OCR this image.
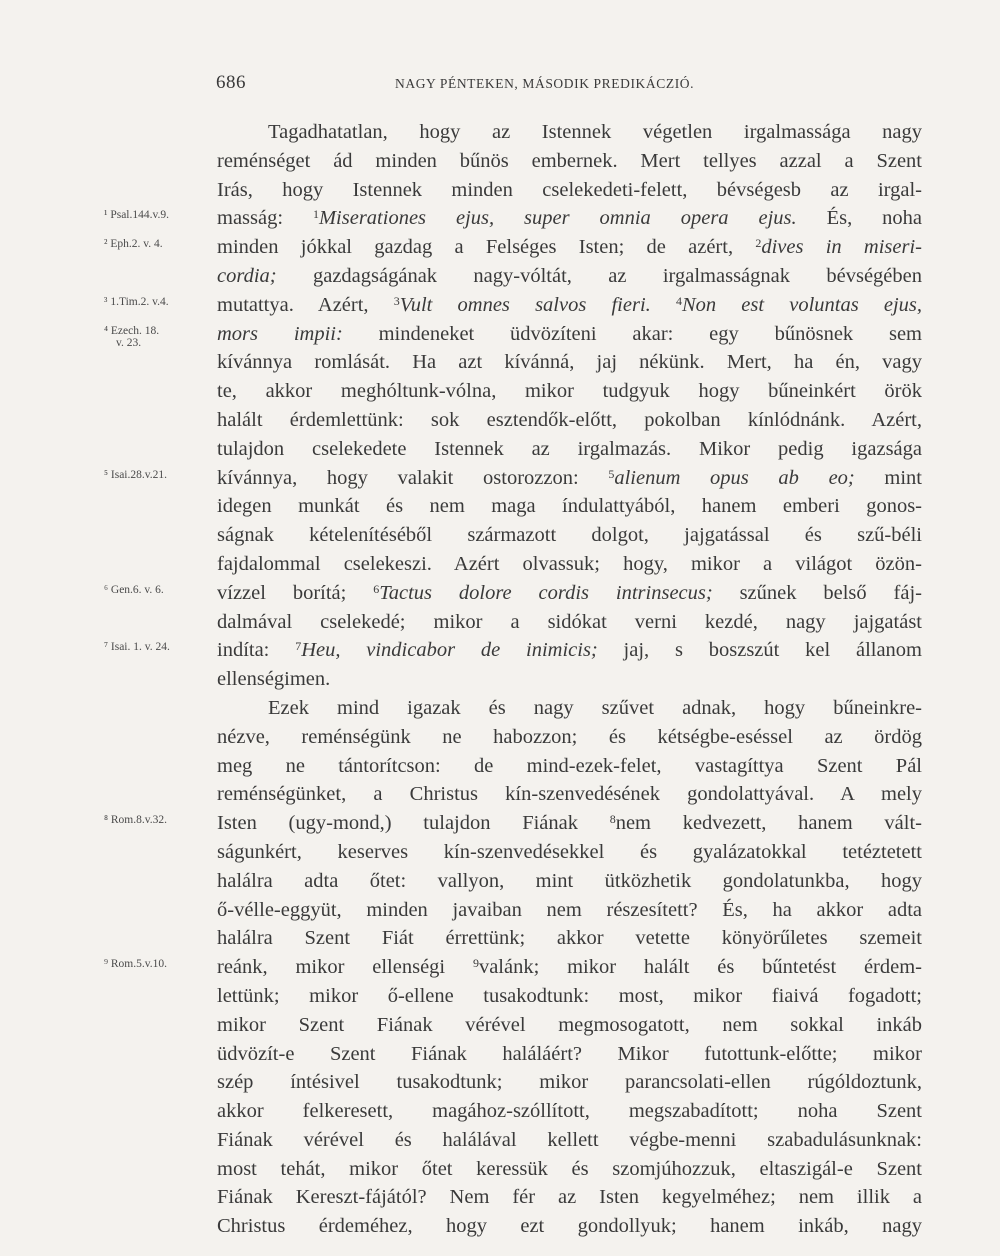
686	NAGY PÉNTEKEN, MÁSODIK PREDIKÁCZIÓ.
Tagadhatatlan, hogy az Istennek végetlen irgalmassága nagy
reménséget ád minden bűnös embernek. Mert tellyes azzal a Szent
Irás, hogy Istennek minden cselekedeti-felett, bévségesb az irgal-
¹ Psal.144.v.9.	masság: $^1$Miserationes ejus, super omnia opera ejus. És, noha
² Eph.2. v. 4.	minden jókkal gazdag a Felséges Isten; de azért, $^2$dives in miseri-
cordia; gazdagságának nagy-vóltát, az irgalmasságnak bévségében
³ 1.Tim.2. v.4.	mutattya. Azért, $^3$Vult omnes salvos fieri. $^4$Non est voluntas ejus,
⁴ Ezech. 18.
v. 23.	mors impii: mindeneket üdvözíteni akar: egy bűnösnek sem
kívánnya romlását. Ha azt kívánná, jaj nékünk. Mert, ha én, vagy
te, akkor meghóltunk-vólna, mikor tudgyuk hogy bűneinkért örök
halált érdemlettünk: sok esztendők-előtt, pokolban kínlódnánk. Azért,
tulajdon cselekedete Istennek az irgalmazás. Mikor pedig igazsága
⁵ Isai.28.v.21.	kívánnya, hogy valakit ostorozzon: $^5$alienum opus ab eo; mint
idegen munkát és nem maga índulattyából, hanem emberi gonos-
ságnak kételenítéséből származott dolgot, jajgatással és szű-béli
fajdalommal cselekeszi. Azért olvassuk; hogy, mikor a világot özön-
⁶ Gen.6. v. 6.	vízzel borítá; $^6$Tactus dolore cordis intrinsecus; szűnek belső fáj-
dalmával cselekedé; mikor a sidókat verni kezdé, nagy jajgatást
⁷ Isai. 1. v. 24.	indíta: $^7$Heu, vindicabor de inimicis; jaj, s boszszút kel állanom
ellenségimen.
Ezek mind igazak és nagy szűvet adnak, hogy bűneinkre-
nézve, reménségünk ne habozzon; és kétségbe-eséssel az ördög
meg ne tántorítcson: de mind-ezek-felet, vastagíttya Szent Pál
reménségünket, a Christus kín-szenvedésének gondolattyával. A mely
⁸ Rom.8.v.32.	Isten (ugy-mond,) tulajdon Fiának $^8$nem kedvezett, hanem vált-
ságunkért, keserves kín-szenvedésekkel és gyalázatokkal tetéztetett
halálra adta őtet: vallyon, mint ütközhetik gondolatunkba, hogy
ő-vélle-eggyüt, minden javaiban nem részesített? És, ha akkor adta
halálra Szent Fiát érrettünk; akkor vetette könyörűletes szemeit
⁹ Rom.5.v.10.	reánk, mikor ellenségi $^9$valánk; mikor halált és bűntetést érdem-
lettünk; mikor ő-ellene tusakodtunk: most, mikor fiaivá fogadott;
mikor Szent Fiának vérével megmosogatott, nem sokkal inkáb
üdvözít-e Szent Fiának haláláért? Mikor futottunk-előtte; mikor
szép íntésivel tusakodtunk; mikor parancsolati-ellen rúgóldoztunk,
akkor felkeresett, magához-szóllított, megszabadított; noha Szent
Fiának vérével és halálával kellett végbe-menni szabadulásunknak:
most tehát, mikor őtet keressük és szomjúhozzuk, eltaszigál-e Szent
Fiának Kereszt-fájától? Nem fér az Isten kegyelméhez; nem illik a
Christus érdeméhez, hogy ezt gondollyuk; hanem inkáb, nagy
